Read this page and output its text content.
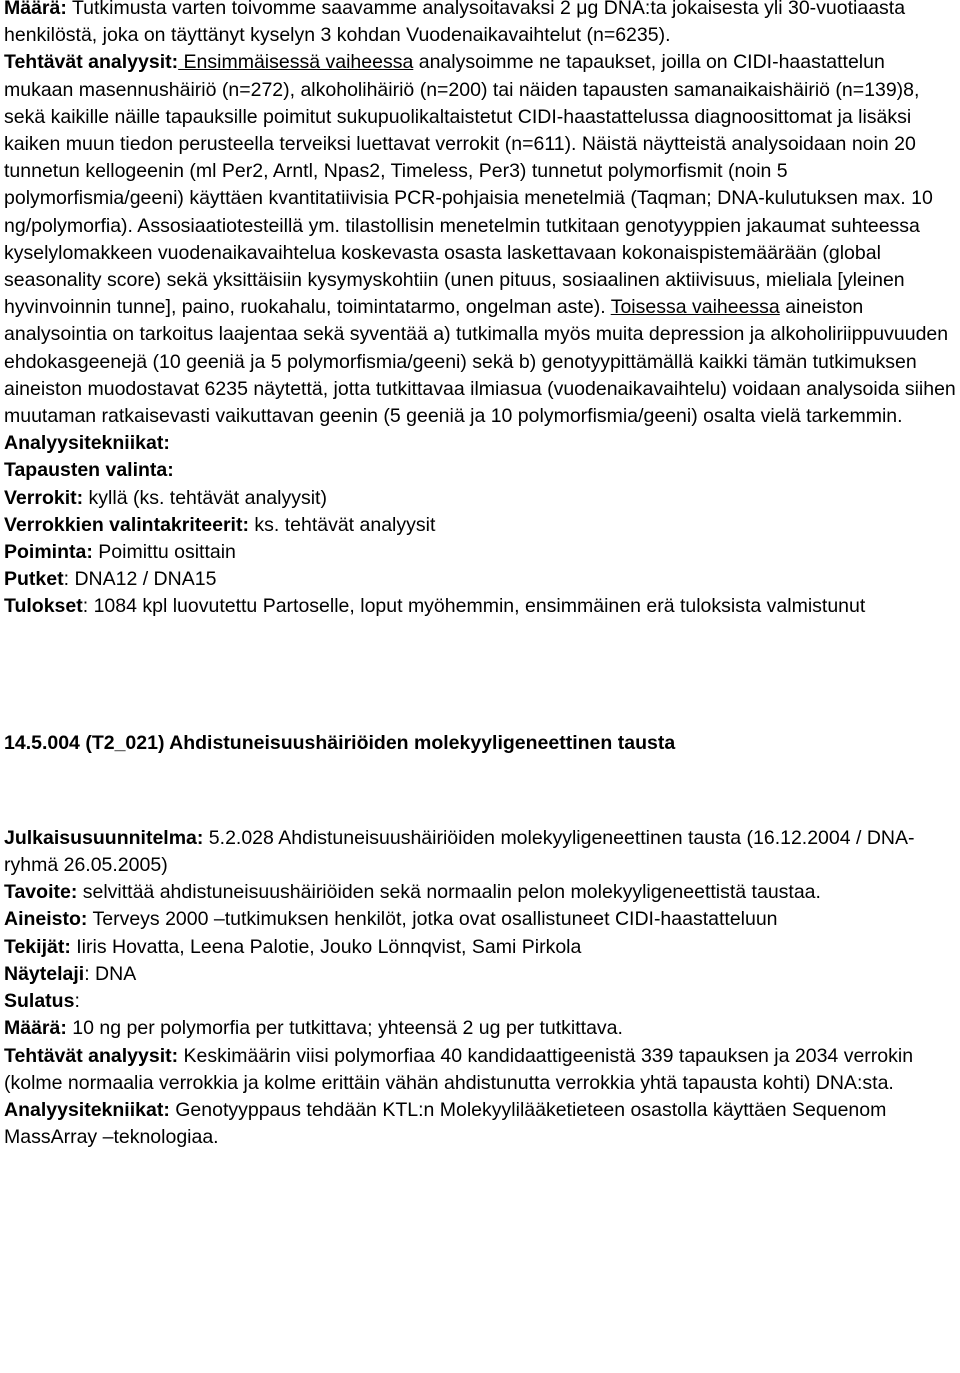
Määrä: Tutkimusta varten toivomme saavamme analysoitavaksi 2 μg DNA:ta jokaisesta yli 30-vuotiaasta henkilöstä, joka on täyttänyt kyselyn 3 kohdan Vuodenaikavaihtelut (n=6235).

Tehtävät analyysit: Ensimmäisessä vaiheessa analysoimme ne tapaukset, joilla on CIDI-haastattelun mukaan masennushäiriö (n=272), alkoholihäiriö (n=200) tai näiden tapausten samanaikaishäiriö (n=139)8, sekä kaikille näille tapauksille poimitut sukupuolikaltaistetut CIDI-haastattelussa diagnoosittomat ja lisäksi kaiken muun tiedon perusteella terveiksi luettavat verrokit (n=611). Näistä näytteistä analysoidaan noin 20 tunnetun kellogeenin (ml Per2, Arntl, Npas2, Timeless, Per3) tunnetut polymorfismit (noin 5 polymorfismia/geeni) käyttäen kvantitatiivisia PCR-pohjaisia menetelmiä (Taqman; DNA-kulutuksen max. 10 ng/polymorfia). Assosiaatiotesteillä ym. tilastollisin menetelmin tutkitaan genotyyppien jakaumat suhteessa kyselylomakkeen vuodenaikavaihtelua koskevasta osasta laskettavaan kokonaispistemäärään (global seasonality score) sekä yksittäisiin kysymyskohtiin (unen pituus, sosiaalinen aktiivisuus, mieliala [yleinen hyvinvoinnin tunne], paino, ruokahalu, toimintatarmo, ongelman aste). Toisessa vaiheessa aineiston analysointia on tarkoitus laajentaa sekä syventää a) tutkimalla myös muita depression ja alkoholiriippuvuuden ehdokasgeenejä (10 geeniä ja 5 polymorfismia/geeni) sekä b) genotyypittämällä kaikki tämän tutkimuksen aineiston muodostavat 6235 näytettä, jotta tutkittavaa ilmiasua (vuodenaikavaihtelu) voidaan analysoida siihen muutaman ratkaisevasti vaikuttavan geenin (5 geeniä ja 10 polymorfismia/geeni) osalta vielä tarkemmin.

Analyysitekniikat:

Tapausten valinta:

Verrokit: kyllä (ks. tehtävät analyysit)

Verrokkien valintakriteerit: ks. tehtävät analyysit

Poiminta: Poimittu osittain

Putket: DNA12 / DNA15

Tulokset: 1084 kpl luovutettu Partoselle, loput myöhemmin, ensimmäinen erä tuloksista valmistunut

14.5.004 (T2_021) Ahdistuneisuushäiriöiden molekyyligeneettinen tausta

Julkaisusuunnitelma: 5.2.028 Ahdistuneisuushäiriöiden molekyyligeneettinen tausta (16.12.2004 / DNA-ryhmä 26.05.2005)

Tavoite: selvittää ahdistuneisuushäiriöiden sekä normaalin pelon molekyyligeneettistä taustaa.

Aineisto: Terveys 2000 –tutkimuksen henkilöt, jotka ovat osallistuneet CIDI-haastatteluun

Tekijät: Iiris Hovatta, Leena Palotie, Jouko Lönnqvist, Sami Pirkola

Näytelaji: DNA

Sulatus:

Määrä: 10 ng per polymorfia per tutkittava; yhteensä 2 ug per tutkittava.

Tehtävät analyysit: Keskimäärin viisi polymorfiaa 40 kandidaattigeenistä 339 tapauksen ja 2034 verrokin (kolme normaalia verrokkia ja kolme erittäin vähän ahdistunutta verrokkia yhtä tapausta kohti) DNA:sta.

Analyysitekniikat: Genotyyppaus tehdään KTL:n Molekyylilääketieteen osastolla käyttäen Sequenom MassArray –teknologiaa.
